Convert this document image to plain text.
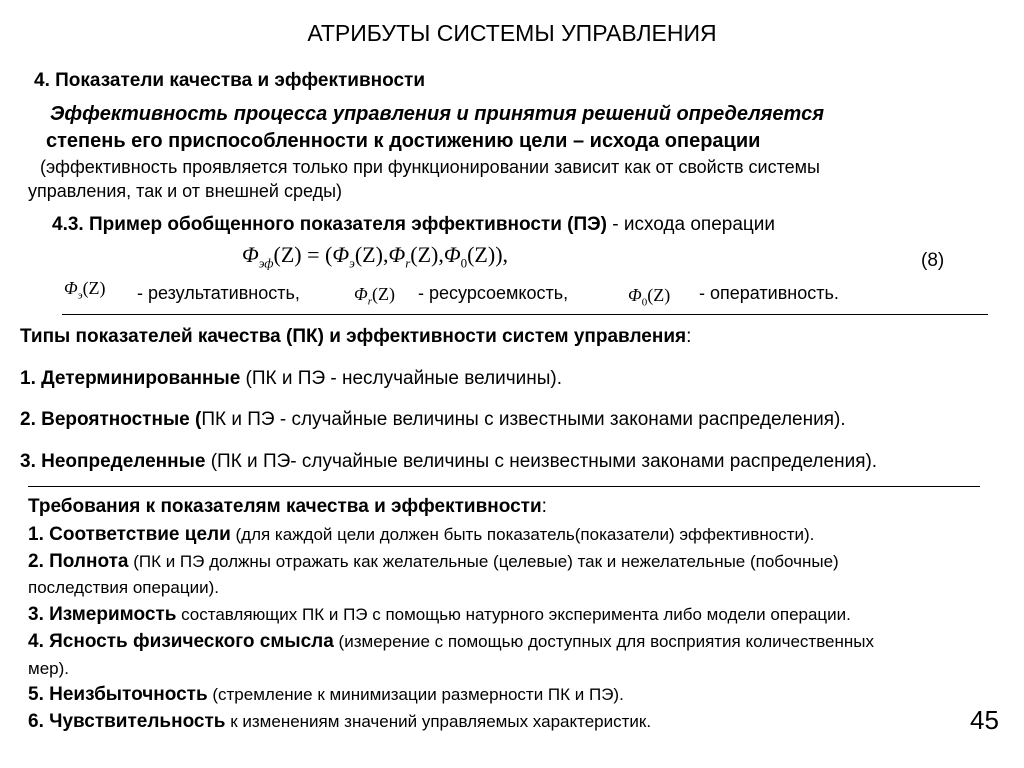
АТРИБУТЫ СИСТЕМЫ УПРАВЛЕНИЯ
4. Показатели качества и эффективности
Эффективность процесса управления и принятия решений определяется
степень его приспособленности к достижению цели – исхода операции
(эффективность проявляется только при функционировании зависит как от свойств системы
управления, так и от внешней среды)
4.3. Пример обобщенного показателя эффективности (ПЭ) - исхода операции
$\Phi_{эф}(Z) = (\Phi_э(Z),\Phi_r(Z),\Phi_0(Z))$,	(8)
$\Phi_э(Z)$ - результативность,	$\Phi_r(Z)$ - ресурсоемкость,	$\Phi_0(Z)$ - оперативность.
Типы показателей качества (ПК) и эффективности систем управления:
1. Детерминированные (ПК и ПЭ - неслучайные величины).
2. Вероятностные (ПК и ПЭ - случайные величины с известными законами распределения).
3. Неопределенные (ПК и ПЭ- случайные величины с неизвестными законами распределения).
Требования к показателям качества и эффективности:
1. Соответствие цели (для каждой цели должен быть показатель(показатели) эффективности).
2. Полнота (ПК и ПЭ должны отражать как желательные (целевые) так и нежелательные (побочные)
последствия операции).
3. Измеримость составляющих ПК и ПЭ с помощью натурного эксперимента либо модели операции.
4. Ясность физического смысла (измерение с помощью доступных для восприятия количественных
мер).
5. Неизбыточность (стремление к минимизации размерности ПК и ПЭ).
6. Чувствительность к изменениям значений управляемых характеристик.	45
